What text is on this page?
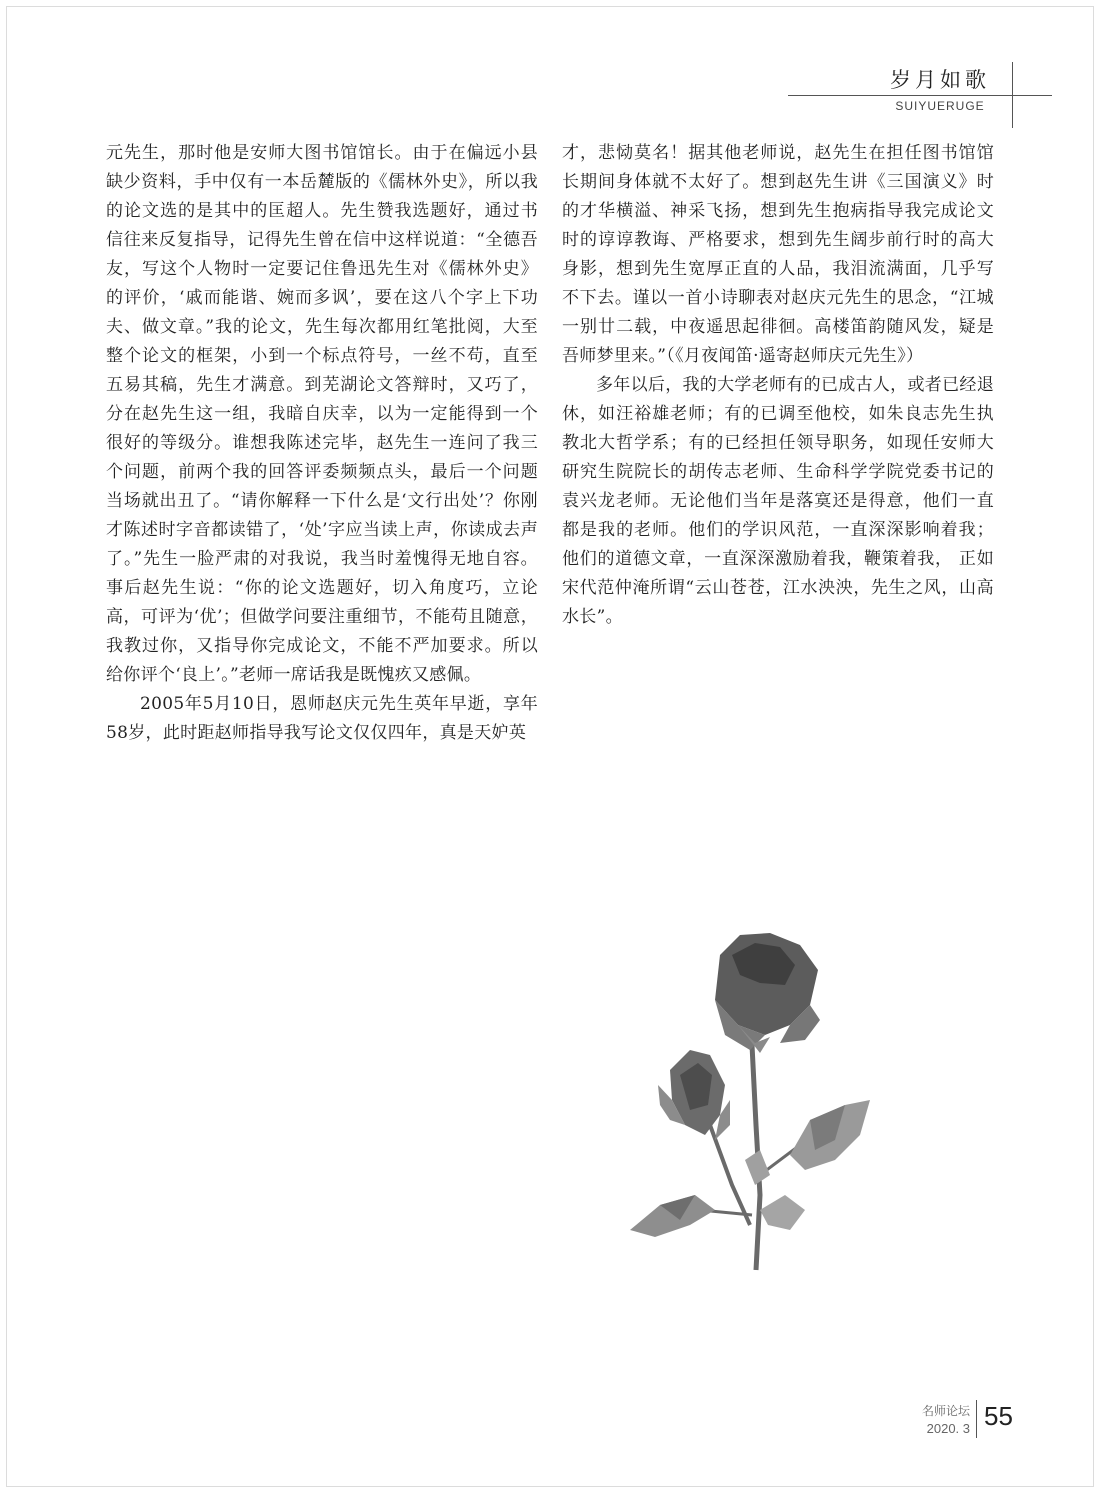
岁月如歌
SUIYUERUGE

元先生，那时他是安师大图书馆馆长。由于在偏远小县缺少资料，手中仅有一本岳麓版的《儒林外史》，所以我的论文选的是其中的匡超人。先生赞我选题好，通过书信往来反复指导，记得先生曾在信中这样说道：“全德吾友，写这个人物时一定要记住鲁迅先生对《儒林外史》的评价，‘戚而能谐、婉而多讽’，要在这八个字上下功夫、做文章。”我的论文，先生每次都用红笔批阅，大至整个论文的框架，小到一个标点符号，一丝不苟，直至五易其稿，先生才满意。到芜湖论文答辩时，又巧了，分在赵先生这一组，我暗自庆幸，以为一定能得到一个很好的等级分。谁想我陈述完毕，赵先生一连问了我三个问题，前两个我的回答评委频频点头，最后一个问题当场就出丑了。“请你解释一下什么是‘文行出处’？你刚才陈述时字音都读错了，‘处’字应当读上声，你读成去声了。”先生一脸严肃的对我说，我当时羞愧得无地自容。事后赵先生说：“你的论文选题好，切入角度巧，立论高，可评为‘优’；但做学问要注重细节，不能苟且随意，我教过你，又指导你完成论文，不能不严加要求。所以给你评个‘良上’。”老师一席话我是既愧疚又感佩。

2005年5月10日，恩师赵庆元先生英年早逝，享年58岁，此时距赵师指导我写论文仅仅四年，真是天妒英

才，悲恸莫名！据其他老师说，赵先生在担任图书馆馆长期间身体就不太好了。想到赵先生讲《三国演义》时的才华横溢、神采飞扬，想到先生抱病指导我完成论文时的谆谆教诲、严格要求，想到先生阔步前行时的高大身影，想到先生宽厚正直的人品，我泪流满面，几乎写不下去。谨以一首小诗聊表对赵庆元先生的思念，“江城一别廿二载，中夜遥思起徘徊。高楼笛韵随风发，疑是吾师梦里来。”（《月夜闻笛·遥寄赵师庆元先生》）

多年以后，我的大学老师有的已成古人，或者已经退休，如汪裕雄老师；有的已调至他校，如朱良志先生执教北大哲学系；有的已经担任领导职务，如现任安师大研究生院院长的胡传志老师、生命科学学院党委书记的袁兴龙老师。无论他们当年是落寞还是得意，他们一直都是我的老师。他们的学识风范，一直深深影响着我；他们的道德文章，一直深深激励着我，鞭策着我， 正如宋代范仲淹所谓“云山苍苍，江水泱泱，先生之风，山高水长”。

名师论坛
2020. 3 55
